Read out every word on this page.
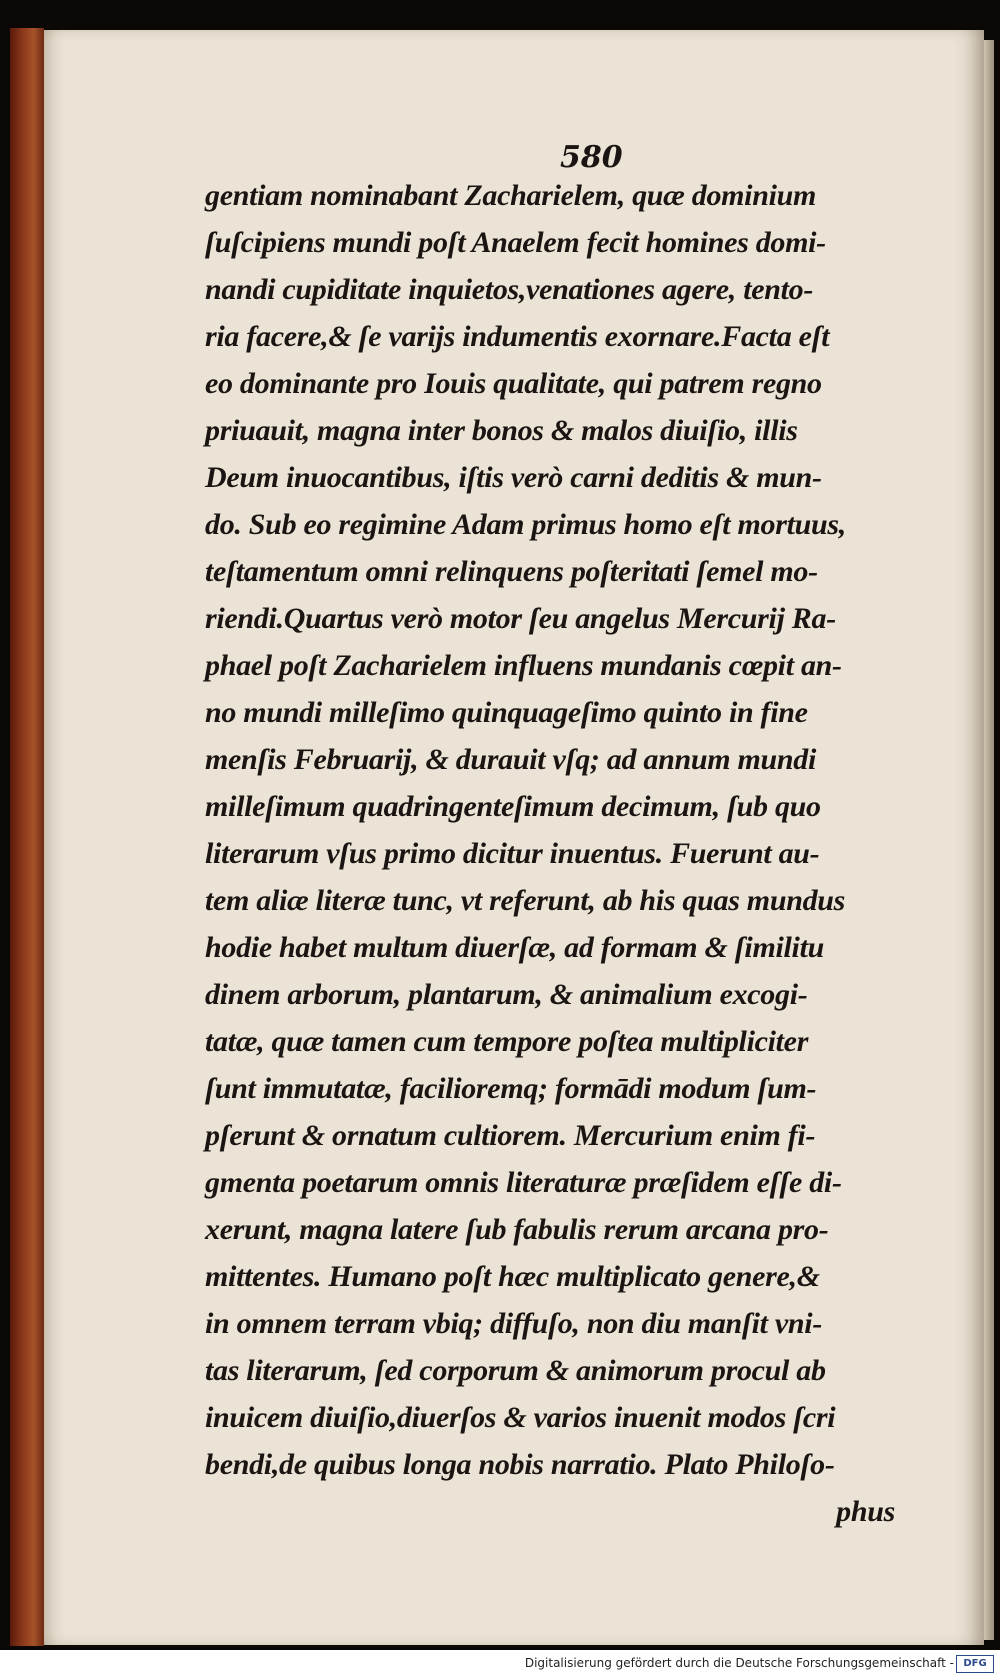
580
gentiam nominabant Zacharielem, quæ dominium
ſuſcipiens mundi poſt Anaelem fecit homines domi-
nandi cupiditate inquietos,venationes agere, tento-
ria facere,& ſe varijs indumentis exornare.Facta eſt
eo dominante pro Iouis qualitate, qui patrem regno
priuauit, magna inter bonos & malos diuiſio, illis
Deum inuocantibus, iſtis verò carni deditis & mun-
do. Sub eo regimine Adam primus homo eſt mortuus,
teſtamentum omni relinquens poſteritati ſemel mo-
riendi.Quartus verò motor ſeu angelus Mercurij Ra-
phael poſt Zacharielem influens mundanis cœpit an-
no mundi milleſimo quinquageſimo quinto in fine
menſis Februarij, & durauit vſq; ad annum mundi
milleſimum quadringenteſimum decimum, ſub quo
literarum vſus primo dicitur inuentus. Fuerunt au-
tem aliæ literæ tunc, vt referunt, ab his quas mundus
hodie habet multum diuerſæ, ad formam & ſimilitu
dinem arborum, plantarum, & animalium excogi-
tatæ, quæ tamen cum tempore poſtea multipliciter
ſunt immutatæ, facilioremq; formādi modum ſum-
pſerunt & ornatum cultiorem. Mercurium enim fi-
gmenta poetarum omnis literaturæ præſidem eſſe di-
xerunt, magna latere ſub fabulis rerum arcana pro-
mittentes. Humano poſt hæc multiplicato genere,&
in omnem terram vbiq; diffuſo, non diu manſit vni-
tas literarum, ſed corporum & animorum procul ab
inuicem diuiſio,diuerſos & varios inuenit modos ſcri
bendi,de quibus longa nobis narratio. Plato Philoſo-
phus
Digitalisierung gefördert durch die Deutsche Forschungsgemeinschaft - DFG
